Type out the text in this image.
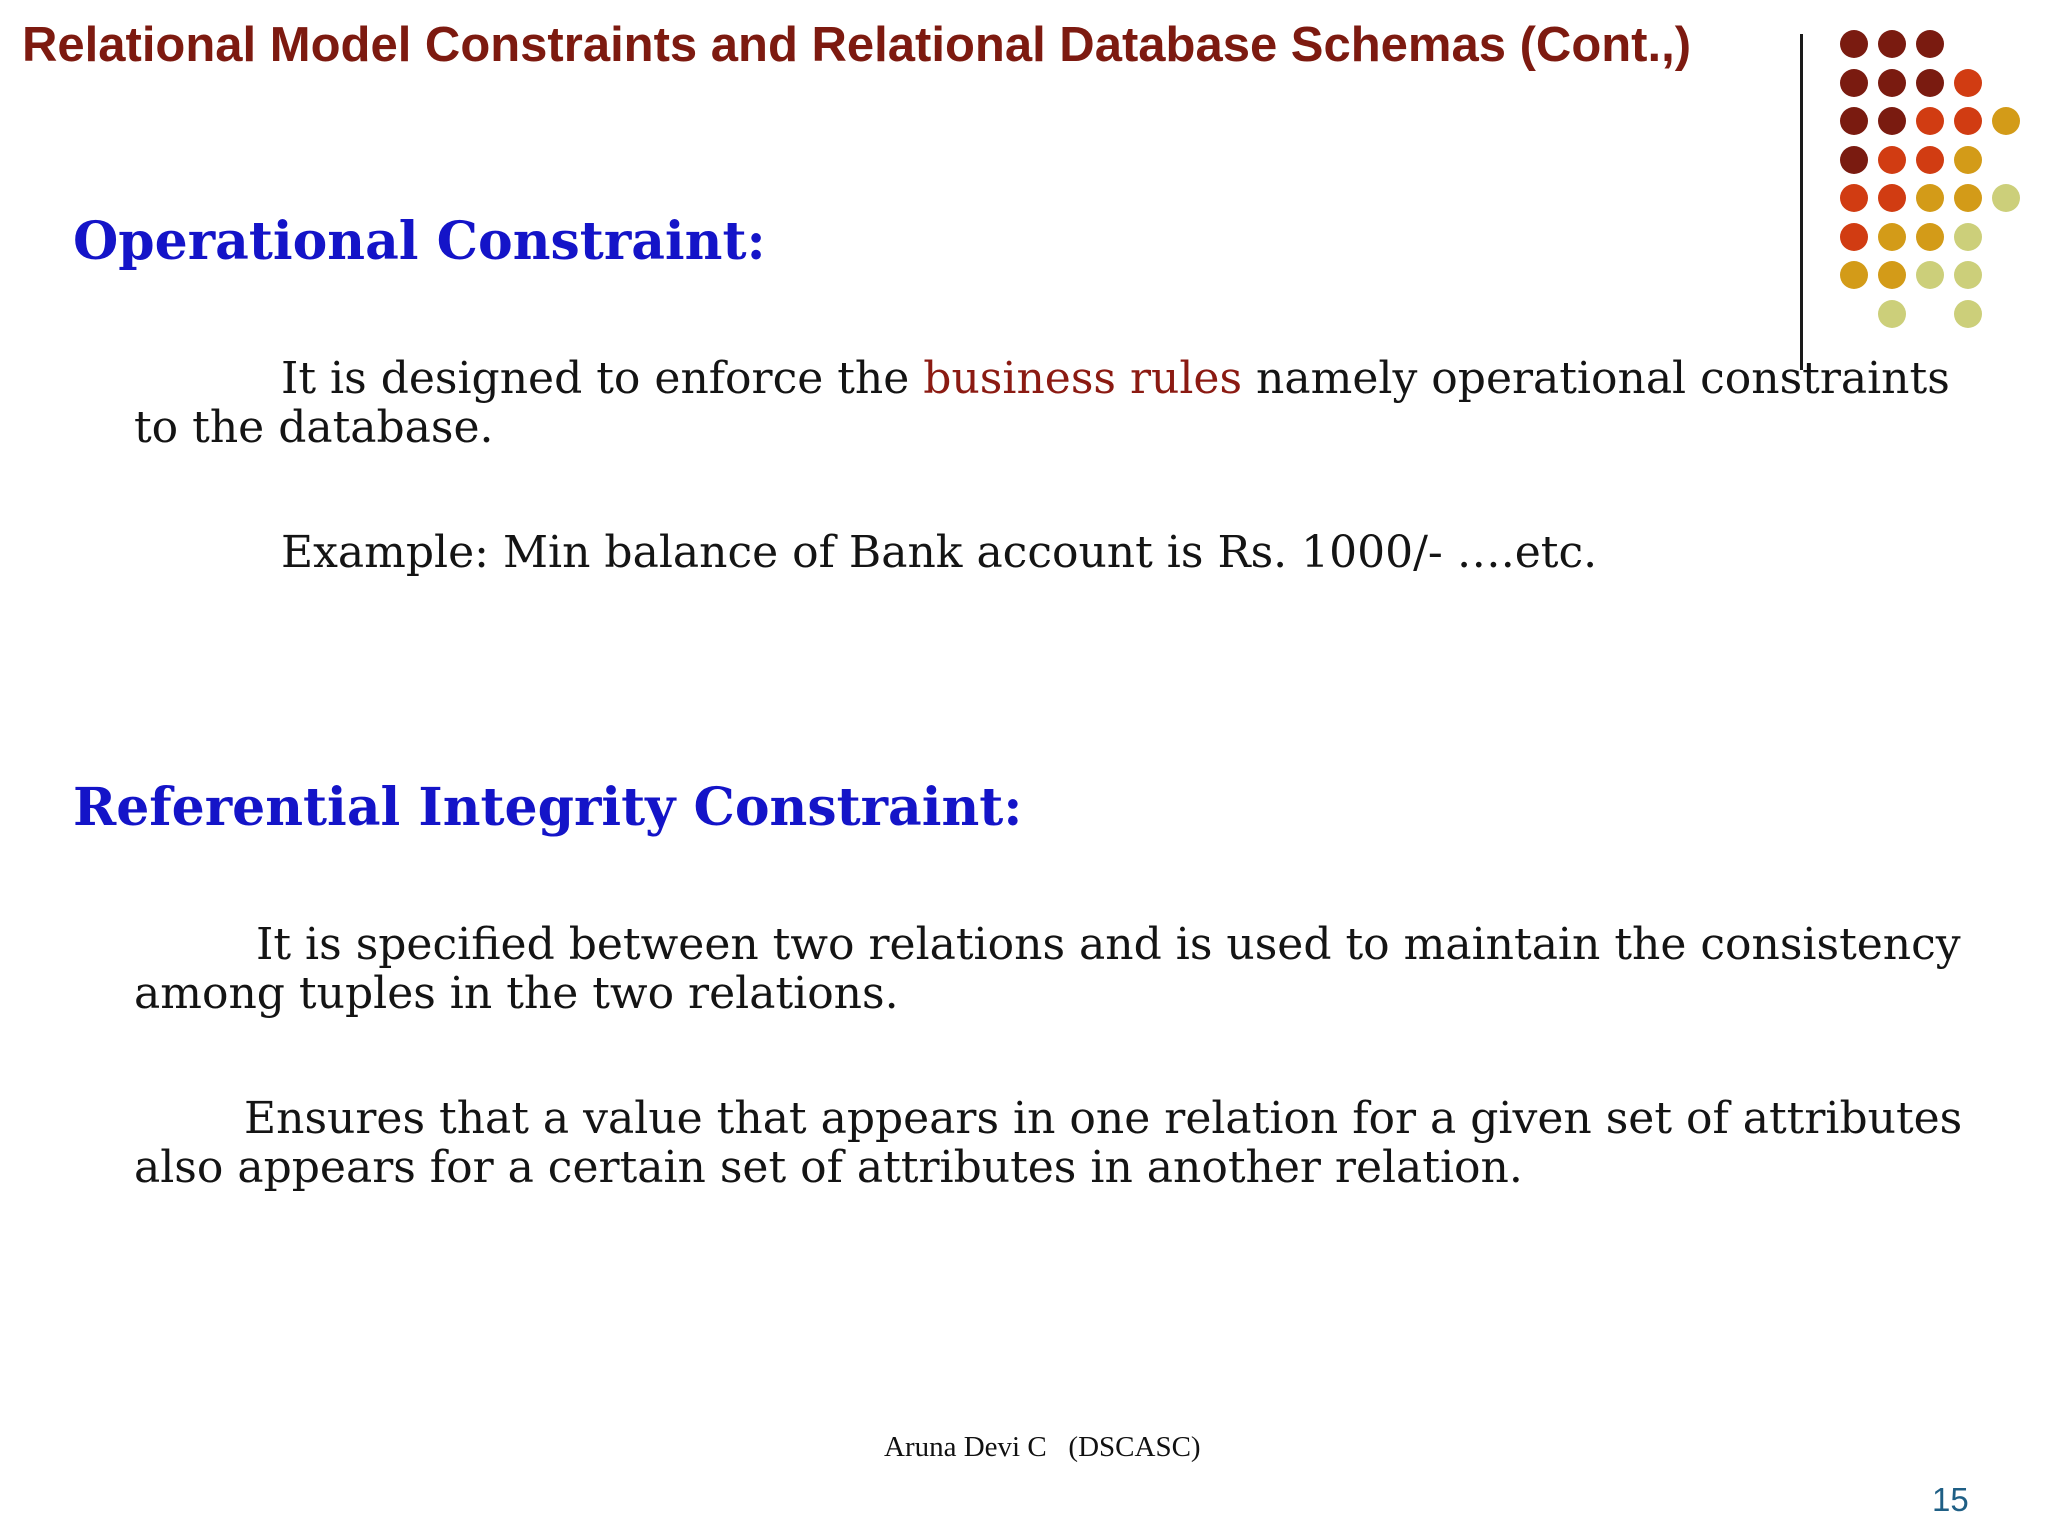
Relational Model Constraints and Relational Database Schemas (Cont.,)
Operational Constraint:

It is designed to enforce the business rules namely operational constraints to the database.

Example: Min balance of Bank account is Rs. 1000/- ….etc.

Referential Integrity Constraint:

It is specified between two relations and is used to maintain the consistency among tuples in the two relations.

Ensures that a value that appears in one relation for a given set of attributes also appears for a certain set of attributes in another relation.

Aruna Devi C   (DSCASC)
15
